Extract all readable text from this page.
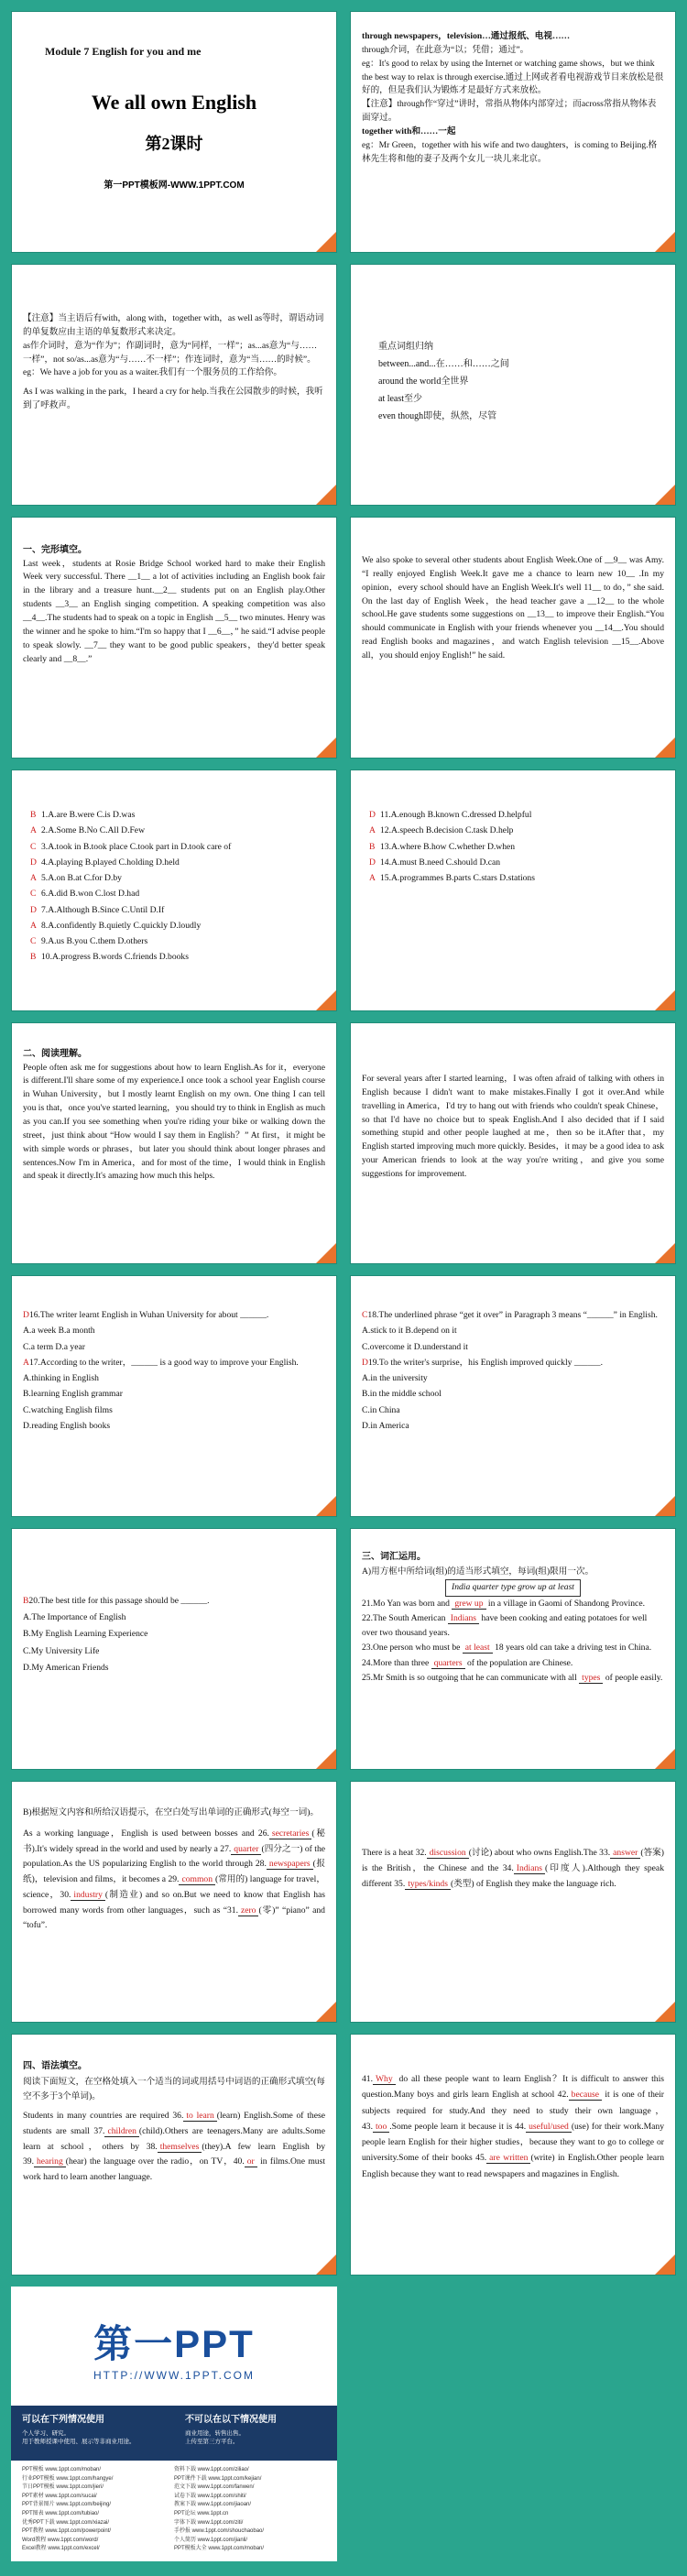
Module 7 English for you and me
We all own English
第2课时
第一PPT模板网-WWW.1PPT.COM

through newspapers，television…通过报纸、电视……

through介词，在此意为“以；凭借；通过”。

eg：It's good to relax by using the Internet or watching game shows，but we think the best way to relax is through exercise.通过上网或者看电视游戏节目来放松是很好的，但是我们认为锻炼才是最好方式来放松。

【注意】through作“穿过”讲时，常指从物体内部穿过；而across常指从物体表面穿过。

together with和……一起

eg：Mr Green，together with his wife and two daughters，is coming to Beijing.格林先生将和他的妻子及两个女儿一块儿来北京。

【注意】当主语后有with，along with，together with，as well as等时，谓语动词的单复数应由主语的单复数形式来决定。

as作介词时，意为“作为”；作副词时，意为“同样，一样”；as...as意为“与……一样”，not so/as...as意为“与……不一样”；作连词时，意为“当……的时候”。

eg：We have a job for you as a waiter.我们有一个服务员的工作给你。

As I was walking in the park，I heard a cry for help.当我在公园散步的时候，我听到了呼救声。

重点词组归纳

between...and...在……和……之间

around the world全世界

at least至少

even though即使，纵然，尽管

一、完形填空。

Last week，students at Rosie Bridge School worked hard to make their English Week very successful. There __1__ a lot of activities including an English book fair in the library and a treasure hunt.__2__ students put on an English play.Other students __3__ an English singing competition. A speaking competition was also __4__.The students had to speak on a topic in English __5__ two minutes. Henry was the winner and he spoke to him.“I'm so happy that I __6__，” he said.“I advise people to speak slowly. __7__ they want to be good public speakers，they'd better speak clearly and __8__.”

We also spoke to several other students about English Week.One of __9__ was Amy. “I really enjoyed English Week.It gave me a chance to learn new 10__ .In my opinion，every school should have an English Week.It's well 11__ to do，” she said. On the last day of English Week，the head teacher gave a __12__ to the whole school.He gave students some suggestions on __13__ to improve their English.“You should communicate in English with your friends whenever you __14__.You should read English books and magazines，and watch English television __15__.Above all，you should enjoy English!” he said.

B 1.A.are B.were C.is D.was
A 2.A.Some B.No C.All D.Few
C 3.A.took in B.took place C.took part in D.took care of
D 4.A.playing B.played C.holding D.held
A 5.A.on B.at C.for D.by
C 6.A.did B.won C.lost D.had
D 7.A.Although B.Since C.Until D.If
A 8.A.confidently B.quietly C.quickly D.loudly
C 9.A.us B.you C.them D.others
B 10.A.progress B.words C.friends D.books
D 11.A.enough B.known C.dressed D.helpful
A 12.A.speech B.decision C.task D.help
B 13.A.where B.how C.whether D.when
D 14.A.must B.need C.should D.can
A 15.A.programmes B.parts C.stars D.stations

二、阅读理解。

People often ask me for suggestions about how to learn English.As for it，everyone is different.I'll share some of my experience.I once took a school year English course in Wuhan University，but I mostly learnt English on my own. One thing I can tell you is that，once you've started learning，you should try to think in English as much as you can.If you see something when you're riding your bike or walking down the street，just think about “How would I say them in English？” At first，it might be with simple words or phrases，but later you should think about longer phrases and sentences.Now I'm in America，and for most of the time，I would think in English and speak it directly.It's amazing how much this helps.

For several years after I started learning，I was often afraid of talking with others in English because I didn't want to make mistakes.Finally I got it over.And while travelling in America，I'd try to hang out with friends who couldn't speak Chinese，so that I'd have no choice but to speak English.And I also decided that if I said something stupid and other people laughed at me，then so be it.After that，my English started improving much more quickly. Besides，it may be a good idea to ask your American friends to look at the way you're writing，and give you some suggestions for improvement.

D16.The writer learnt English in Wuhan University for about ______.

A.a week B.a month

C.a term D.a year

A17.According to the writer，______ is a good way to improve your English.

A.thinking in English

B.learning English grammar

C.watching English films

D.reading English books

C18.The underlined phrase “get it over” in Paragraph 3 means “______” in English.

A.stick to it B.depend on it

C.overcome it D.understand it

D19.To the writer's surprise，his English improved quickly ______.

A.in the university

B.in the middle school

C.in China

D.in America

B20.The best title for this passage should be ______.

A.The Importance of English

B.My English Learning Experience

C.My University Life

D.My American Friends

三、词汇运用。

A)用方框中所给词(组)的适当形式填空，每词(组)限用一次。

India quarter type grow up at least

21.Mo Yan was born and grew up in a village in Gaomi of Shandong Province.

22.The South American Indians have been cooking and eating potatoes for well over two thousand years.

23.One person who must be at least 18 years old can take a driving test in China.

24.More than three quarters of the population are Chinese.

25.Mr Smith is so outgoing that he can communicate with all types of people easily.

B)根据短文内容和所给汉语提示，在空白处写出单词的正确形式(每空一词)。

As a working language，English is used between bosses and 26. secretaries (秘书).It's widely spread in the world and used by nearly a 27. quarter (四分之一) of the population.As the US popularizing English to the world through 28. newspapers (报纸)，television and films，it becomes a 29. common (常用的) language for travel，science，30. industry (制造业) and so on.But we need to know that English has borrowed many words from other languages，such as “31. zero (零)” “piano” and “tofu”.

There is a heat 32. discussion (讨论) about who owns English.The 33. answer (答案) is the British，the Chinese and the 34. Indians (印度人).Although they speak different 35. types/kinds (类型) of English they make the language rich.

四、语法填空。

阅读下面短文，在空格处填入一个适当的词或用括号中词语的正确形式填空(每空不多于3个单词)。

Students in many countries are required 36. to learn (learn) English.Some of these students are small 37. children (child).Others are teenagers.Many are adults.Some learn at school，others by 38. themselves (they).A few learn English by 39. hearing (hear) the language over the radio，on TV，40. or in films.One must work hard to learn another language.

41. Why do all these people want to learn English？It is difficult to answer this question.Many boys and girls learn English at school 42. because it is one of their subjects required for study.And they need to study their own language，43. too .Some people learn it because it is 44. useful/used (use) for their work.Many people learn English for their higher studies，because they want to go to college or university.Some of their books 45. are written (write) in English.Other people learn English because they want to read newspapers and magazines in English.

第一PPT
HTTP://WWW.1PPT.COM
可以在下列情况使用
个人学习、研究。
用于教师授课中使用、展示等非商业用途。
不可以在以下情况使用
商业用途，转售出售。
上传至第三方平台。
PPT模板 www.1ppt.com/moban/
行业PPT模板 www.1ppt.com/hangye/
节日PPT模板 www.1ppt.com/jieri/
PPT素材 www.1ppt.com/sucai/
PPT背景图片 www.1ppt.com/beijing/
PPT图表 www.1ppt.com/tubiao/
优秀PPT下载 www.1ppt.com/xiazai/
PPT教程 www.1ppt.com/powerpoint/
Word教程 www.1ppt.com/word/
Excel教程 www.1ppt.com/excel/
资料下载 www.1ppt.com/ziliao/
PPT课件下载 www.1ppt.com/kejian/
范文下载 www.1ppt.com/fanwen/
试卷下载 www.1ppt.com/shiti/
教案下载 www.1ppt.com/jiaoan/
PPT论坛 www.1ppt.cn
字体下载 www.1ppt.com/ziti/
手抄报 www.1ppt.com/shouchaobao/
个人简历 www.1ppt.com/jianli/
PPT模板大全 www.1ppt.com/moban/
